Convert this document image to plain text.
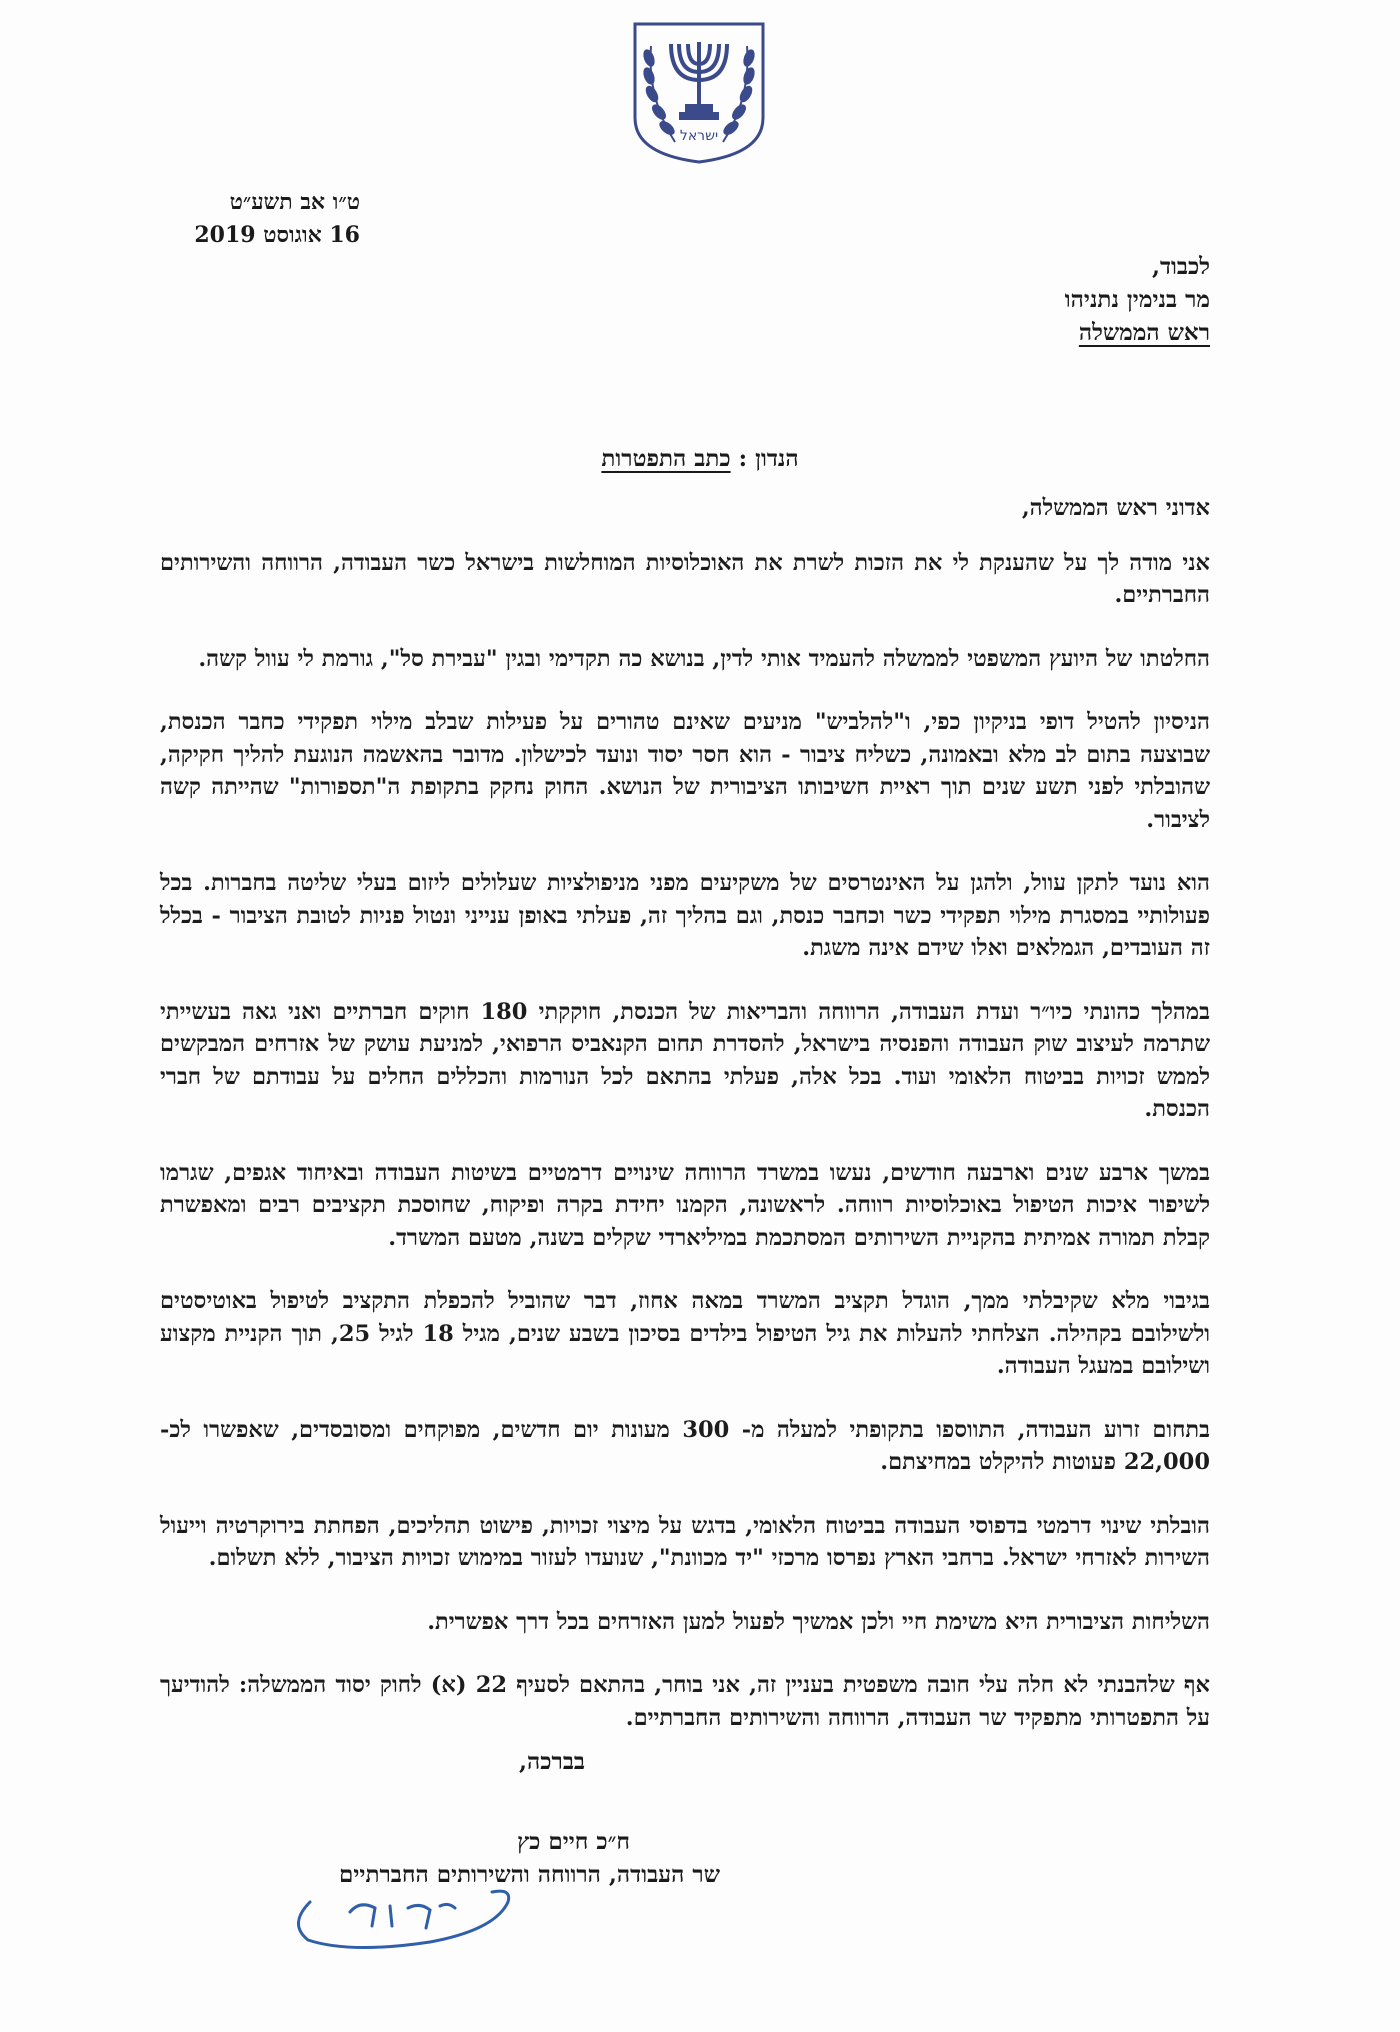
ישראל
ט״ו אב תשע״ט
16 אוגוסט 2019
לכבוד,
מר בנימין נתניהו
ראש הממשלה
הנדון : כתב התפטרות

אדוני ראש הממשלה,

אני מודה לך על שהענקת לי את הזכות לשרת את האוכלוסיות המוחלשות בישראל כשר העבודה, הרווחה והשירותים החברתיים.

החלטתו של היועץ המשפטי לממשלה להעמיד אותי לדין, בנושא כה תקדימי ובגין "עבירת סל", גורמת לי עוול קשה.

הניסיון להטיל דופי בניקיון כפי, ו"להלביש" מניעים שאינם טהורים על פעילות שבלב מילוי תפקידי כחבר הכנסת, שבוצעה בתום לב מלא ובאמונה, כשליח ציבור - הוא חסר יסוד ונועד לכישלון. מדובר בהאשמה הנוגעת להליך חקיקה, שהובלתי לפני תשע שנים תוך ראיית חשיבותו הציבורית של הנושא. החוק נחקק בתקופת ה"תספורות" שהייתה קשה לציבור.

הוא נועד לתקן עוול, ולהגן על האינטרסים של משקיעים מפני מניפולציות שעלולים ליזום בעלי שליטה בחברות. בכל פעולותיי במסגרת מילוי תפקידי כשר וכחבר כנסת, וגם בהליך זה, פעלתי באופן ענייני ונטול פניות לטובת הציבור - בכלל זה העובדים, הגמלאים ואלו שידם אינה משגת.

במהלך כהונתי כיו״ר ועדת העבודה, הרווחה והבריאות של הכנסת, חוקקתי 180 חוקים חברתיים ואני גאה בעשייתי שתרמה לעיצוב שוק העבודה והפנסיה בישראל, להסדרת תחום הקנאביס הרפואי, למניעת עושק של אזרחים המבקשים לממש זכויות בביטוח הלאומי ועוד. בכל אלה, פעלתי בהתאם לכל הנורמות והכללים החלים על עבודתם של חברי הכנסת.

במשך ארבע שנים וארבעה חודשים, נעשו במשרד הרווחה שינויים דרמטיים בשיטות העבודה ובאיחוד אגפים, שגרמו לשיפור איכות הטיפול באוכלוסיות רווחה. לראשונה, הקמנו יחידת בקרה ופיקוח, שחוסכת תקציבים רבים ומאפשרת קבלת תמורה אמיתית בהקניית השירותים המסתכמת במיליארדי שקלים בשנה, מטעם המשרד.

בגיבוי מלא שקיבלתי ממך, הוגדל תקציב המשרד במאה אחוז, דבר שהוביל להכפלת התקציב לטיפול באוטיסטים ולשילובם בקהילה. הצלחתי להעלות את גיל הטיפול בילדים בסיכון בשבע שנים, מגיל 18 לגיל 25, תוך הקניית מקצוע ושילובם במעגל העבודה.

בתחום זרוע העבודה, התווספו בתקופתי למעלה מ- 300 מעונות יום חדשים, מפוקחים ומסובסדים, שאפשרו לכ- 22,000 פעוטות להיקלט במחיצתם.

הובלתי שינוי דרמטי בדפוסי העבודה בביטוח הלאומי, בדגש על מיצוי זכויות, פישוט תהליכים, הפחתת בירוקרטיה וייעול השירות לאזרחי ישראל. ברחבי הארץ נפרסו מרכזי "יד מכוונת", שנועדו לעזור במימוש זכויות הציבור, ללא תשלום.

השליחות הציבורית היא משימת חיי ולכן אמשיך לפעול למען האזרחים בכל דרך אפשרית.

אף שלהבנתי לא חלה עלי חובה משפטית בעניין זה, אני בוחר, בהתאם לסעיף 22 (א) לחוק יסוד הממשלה: להודיעך על התפטרותי מתפקיד שר העבודה, הרווחה והשירותים החברתיים.

בברכה,
ח״כ חיים כץ
שר העבודה, הרווחה והשירותים החברתיים
